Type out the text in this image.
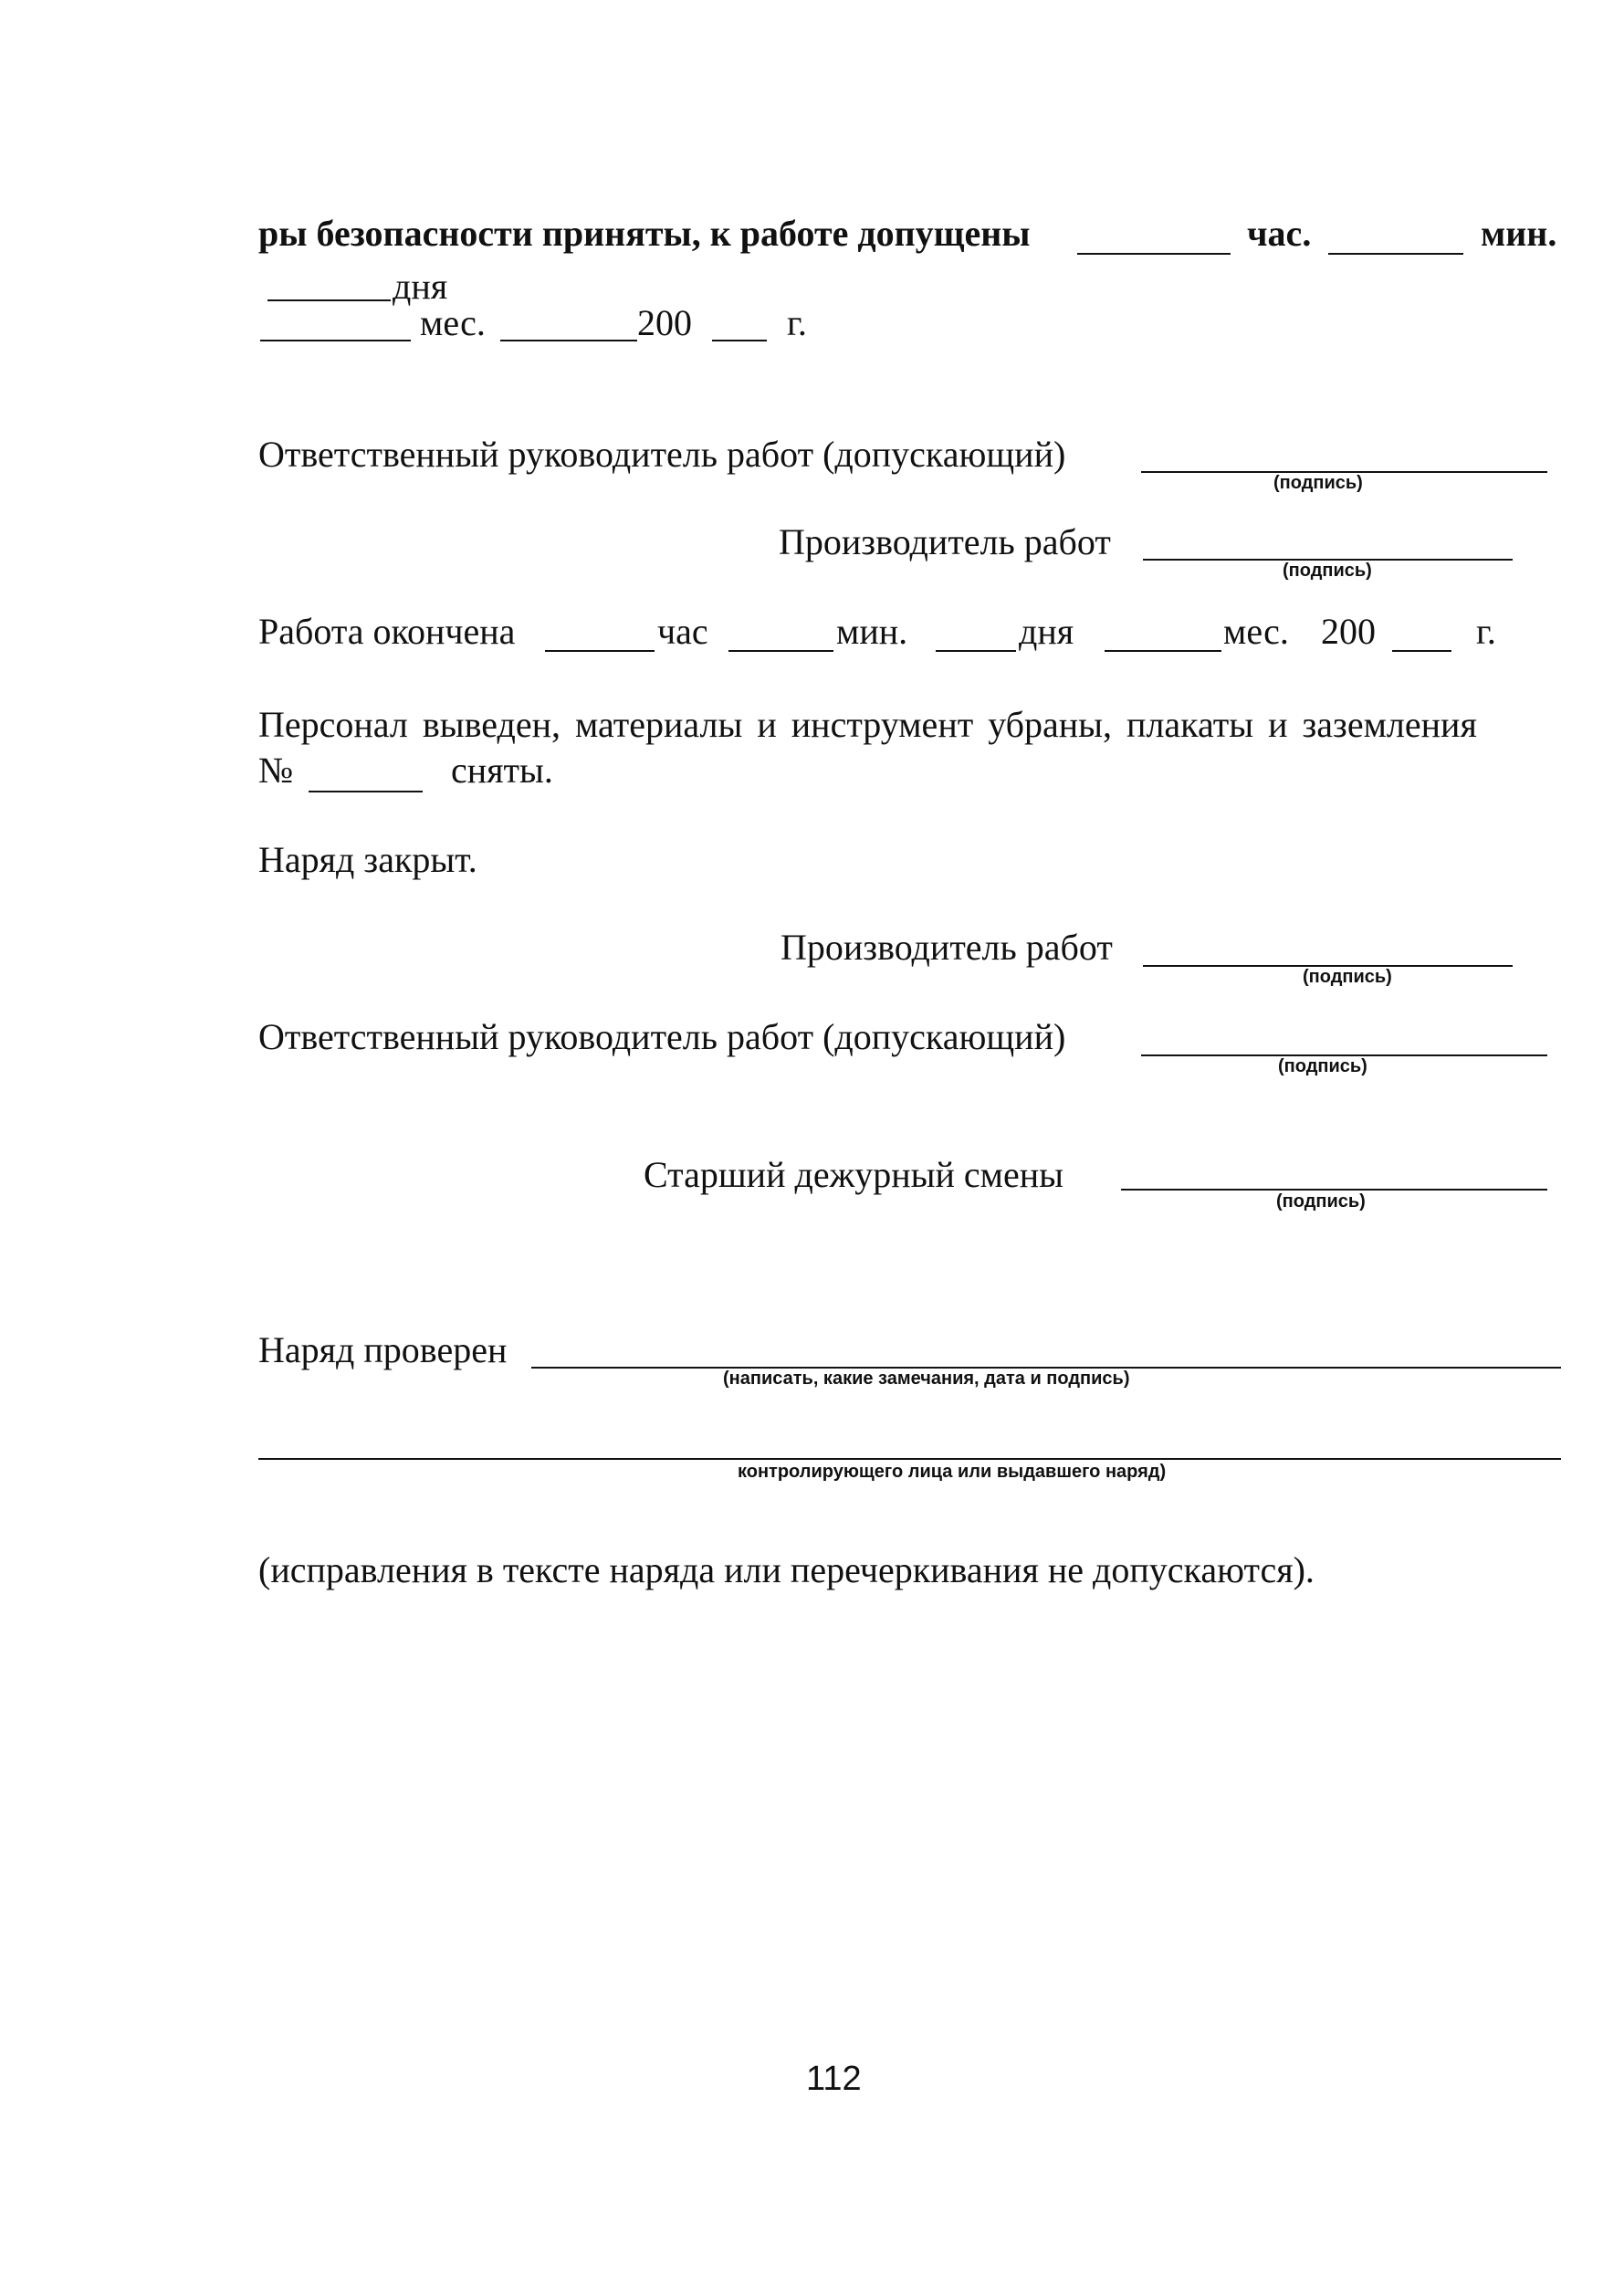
ры безопасности приняты, к работе допущены	час.	мин.
дня
мес.	200	г.
Ответственный руководитель работ (допускающий)
(подпись)
Производитель работ
(подпись)
Работа окончена	час	мин.	дня	мес. 200	г.
Персонал выведен, материалы и инструмент убраны, плакаты и заземления
№	сняты.
Наряд закрыт.
Производитель работ
(подпись)
Ответственный руководитель работ (допускающий)
(подпись)
Старший дежурный смены
(подпись)
Наряд проверен
(написать, какие замечания, дата и подпись)
контролирующего лица или выдавшего наряд)
(исправления в тексте наряда или перечеркивания не допускаются).
112
